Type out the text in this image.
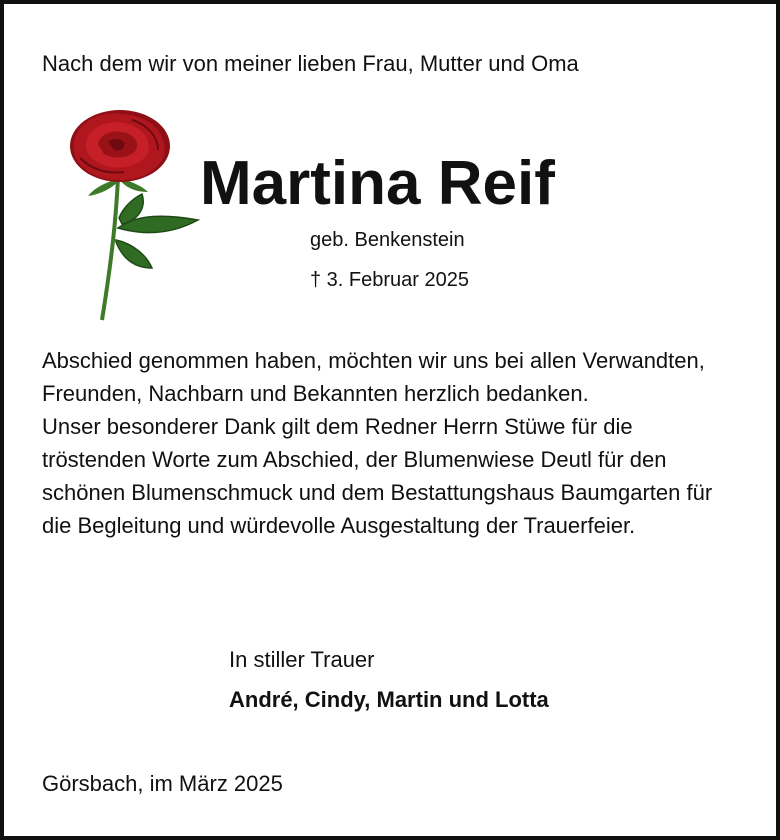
Nach dem wir von meiner lieben Frau, Mutter und Oma
Martina Reif
geb. Benkenstein
† 3. Februar 2025

Abschied genommen haben, möchten wir uns bei allen Verwandten, Freunden, Nachbarn und Bekannten herzlich bedanken.

Unser besonderer Dank gilt dem Redner Herrn Stüwe für die tröstenden Worte zum Abschied, der Blumenwiese Deutl für den schönen Blumenschmuck und dem Bestattungshaus Baumgarten für die Begleitung und würdevolle Ausgestaltung der Trauerfeier.

In stiller Trauer
André, Cindy, Martin und Lotta
Görsbach, im März 2025
